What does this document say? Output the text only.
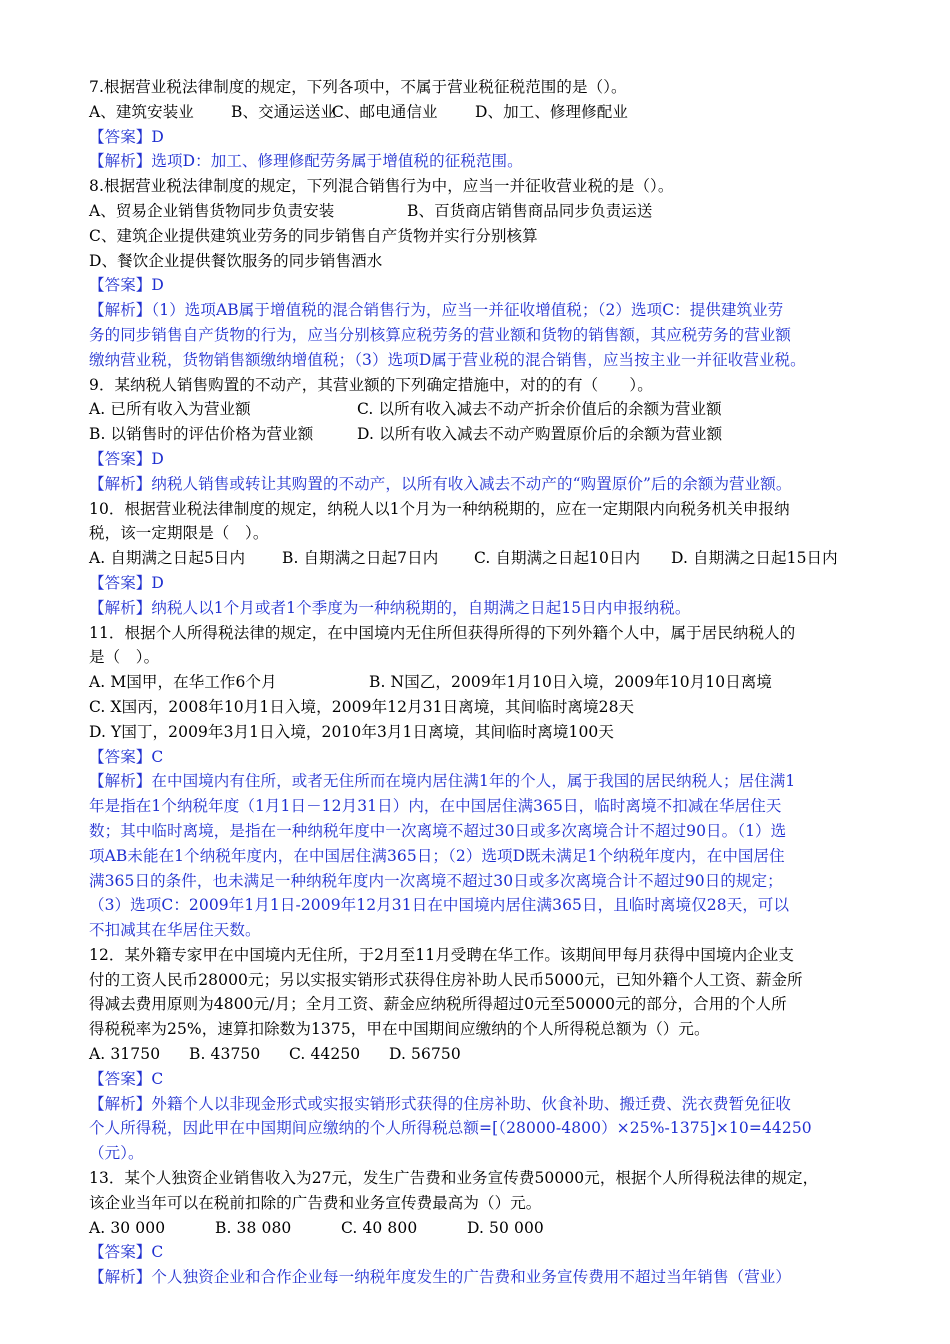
7.根据营业税法律制度的规定，下列各项中，不属于营业税征税范围的是（）。
A、建筑安装业	B、交通运送业
C、邮电通信业	D、加工、修理修配业
【答案】D
【解析】选项D：加工、修理修配劳务属于增值税的征税范围。
8.根据营业税法律制度的规定，下列混合销售行为中，应当一并征收营业税的是（）。
A、贸易企业销售货物同步负责安装	B、百货商店销售商品同步负责运送
C、建筑企业提供建筑业劳务的同步销售自产货物并实行分别核算
D、餐饮企业提供餐饮服务的同步销售酒水
【答案】D
【解析】（1）选项AB属于增值税的混合销售行为，应当一并征收增值税；（2）选项C：提供建筑业劳
务的同步销售自产货物的行为，应当分别核算应税劳务的营业额和货物的销售额，其应税劳务的营业额
缴纳营业税，货物销售额缴纳增值税；（3）选项D属于营业税的混合销售，应当按主业一并征收营业税。
9．某纳税人销售购置的不动产，其营业额的下列确定措施中，对的的有（　　）。
A. 已所有收入为营业额	C. 以所有收入减去不动产折余价值后的余额为营业额
B. 以销售时的评估价格为营业额	D. 以所有收入减去不动产购置原价后的余额为营业额
【答案】D
【解析】纳税人销售或转让其购置的不动产，以所有收入减去不动产的“购置原价”后的余额为营业额。
10．根据营业税法律制度的规定，纳税人以1个月为一种纳税期的，应在一定期限内向税务机关申报纳
税，该一定期限是（　）。
A. 自期满之日起5日内	B. 自期满之日起7日内	C. 自期满之日起10日内	D. 自期满之日起15日内
【答案】D
【解析】纳税人以1个月或者1个季度为一种纳税期的，自期满之日起15日内申报纳税。
11．根据个人所得税法律的规定，在中国境内无住所但获得所得的下列外籍个人中，属于居民纳税人的
是（　）。
A. M国甲，在华工作6个月	B. N国乙，2009年1月10日入境，2009年10月10日离境
C. X国丙，2008年10月1日入境，2009年12月31日离境，其间临时离境28天
D. Y国丁，2009年3月1日入境，2010年3月1日离境，其间临时离境100天
【答案】C
【解析】在中国境内有住所，或者无住所而在境内居住满1年的个人，属于我国的居民纳税人；居住满1
年是指在1个纳税年度（1月1日－12月31日）内，在中国居住满365日，临时离境不扣减在华居住天
数；其中临时离境，是指在一种纳税年度中一次离境不超过30日或多次离境合计不超过90日。（1）选
项AB未能在1个纳税年度内，在中国居住满365日；（2）选项D既未满足1个纳税年度内，在中国居住
满365日的条件，也未满足一种纳税年度内一次离境不超过30日或多次离境合计不超过90日的规定；
（3）选项C：2009年1月1日-2009年12月31日在中国境内居住满365日，且临时离境仅28天，可以
不扣减其在华居住天数。
12．某外籍专家甲在中国境内无住所，于2月至11月受聘在华工作。该期间甲每月获得中国境内企业支
付的工资人民币28000元；另以实报实销形式获得住房补助人民币5000元，已知外籍个人工资、薪金所
得减去费用原则为4800元/月；全月工资、薪金应纳税所得超过0元至50000元的部分，合用的个人所
得税税率为25%，速算扣除数为1375，甲在中国期间应缴纳的个人所得税总额为（）元。
A. 31750	B. 43750	C. 44250	D. 56750
【答案】C
【解析】外籍个人以非现金形式或实报实销形式获得的住房补助、伙食补助、搬迁费、洗衣费暂免征收
个人所得税，因此甲在中国期间应缴纳的个人所得税总额=[（28000-4800）×25%-1375]×10=44250
（元）。
13．某个人独资企业销售收入为27元，发生广告费和业务宣传费50000元，根据个人所得税法律的规定，
该企业当年可以在税前扣除的广告费和业务宣传费最高为（）元。
A. 30 000	B. 38 080	C. 40 800	D. 50 000
【答案】C
【解析】个人独资企业和合作企业每一纳税年度发生的广告费和业务宣传费用不超过当年销售（营业）
